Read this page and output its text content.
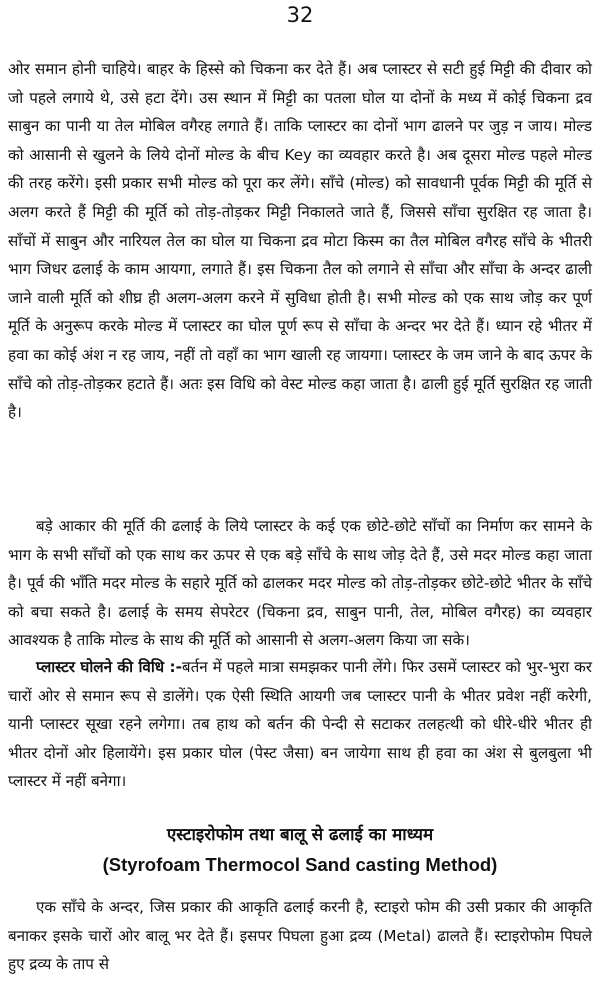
32

ओर समान होनी चाहिये। बाहर के हिस्से को चिकना कर देते हैं। अब प्लास्टर से सटी हुई मिट्टी की दीवार को जो पहले लगाये थे, उसे हटा देंगे। उस स्थान में मिट्टी का पतला घोल या दोनों के मध्य में कोई चिकना द्रव साबुन का पानी या तेल मोबिल वगैरह लगाते हैं। ताकि प्लास्टर का दोनों भाग ढालने पर जुड़ न जाय। मोल्ड को आसानी से खुलने के लिये दोनों मोल्ड के बीच Key का व्यवहार करते है। अब दूसरा मोल्ड पहले मोल्ड की तरह करेंगे। इसी प्रकार सभी मोल्ड को पूरा कर लेंगे। साँचे (मोल्ड) को सावधानी पूर्वक मिट्टी की मूर्ति से अलग करते हैं मिट्टी की मूर्ति को तोड़-तोड़कर मिट्टी निकालते जाते हैं, जिससे साँचा सुरक्षित रह जाता है। साँचों में साबुन और नारियल तेल का घोल या चिकना द्रव मोटा किस्म का तैल मोबिल वगैरह साँचे के भीतरी भाग जिधर ढलाई के काम आयगा, लगाते हैं। इस चिकना तैल को लगाने से साँचा और साँचा के अन्दर ढाली जाने वाली मूर्ति को शीघ्र ही अलग-अलग करने में सुविधा होती है। सभी मोल्ड को एक साथ जोड़ कर पूर्ण मूर्ति के अनुरूप करके मोल्ड में प्लास्टर का घोल पूर्ण रूप से साँचा के अन्दर भर देते हैं। ध्यान रहे भीतर में हवा का कोई अंश न रह जाय, नहीं तो वहाँ का भाग खाली रह जायगा। प्लास्टर के जम जाने के बाद ऊपर के साँचे को तोड़-तोड़कर हटाते हैं। अतः इस विधि को वेस्ट मोल्ड कहा जाता है। ढाली हुई मूर्ति सुरक्षित रह जाती है।

बड़े आकार की मूर्ति की ढलाई के लिये प्लास्टर के कई एक छोटे-छोटे साँचों का निर्माण कर सामने के भाग के सभी साँचों को एक साथ कर ऊपर से एक बड़े साँचे के साथ जोड़ देते हैं, उसे मदर मोल्ड कहा जाता है। पूर्व की भाँति मदर मोल्ड के सहारे मूर्ति को ढालकर मदर मोल्ड को तोड़-तोड़कर छोटे-छोटे भीतर के साँचे को बचा सकते है। ढलाई के समय सेपरेटर (चिकना द्रव, साबुन पानी, तेल, मोबिल वगैरह) का व्यवहार आवश्यक है ताकि मोल्ड के साथ की मूर्ति को आसानी से अलग-अलग किया जा सके।

प्लास्टर घोलने की विधि :-बर्तन में पहले मात्रा समझकर पानी लेंगे। फिर उसमें प्लास्टर को भुर-भुरा कर चारों ओर से समान रूप से डालेंगे। एक ऐसी स्थिति आयगी जब प्लास्टर पानी के भीतर प्रवेश नहीं करेगी, यानी प्लास्टर सूखा रहने लगेगा। तब हाथ को बर्तन की पेन्दी से सटाकर तलहत्थी को धीरे-धीरे भीतर ही भीतर दोनों ओर हिलायेंगे। इस प्रकार घोल (पेस्ट जैसा) बन जायेगा साथ ही हवा का अंश से बुलबुला भी प्लास्टर में नहीं बनेगा।

एस्टाइरोफोम तथा बालू से ढलाई का माध्यम
(Styrofoam Thermocol Sand casting Method)

एक साँचे के अन्दर, जिस प्रकार की आकृति ढलाई करनी है, स्टाइरो फोम की उसी प्रकार की आकृति बनाकर इसके चारों ओर बालू भर देते हैं। इसपर पिघला हुआ द्रव्य (Metal) ढालते हैं। स्टाइरोफोम पिघले हुए द्रव्य के ताप से
